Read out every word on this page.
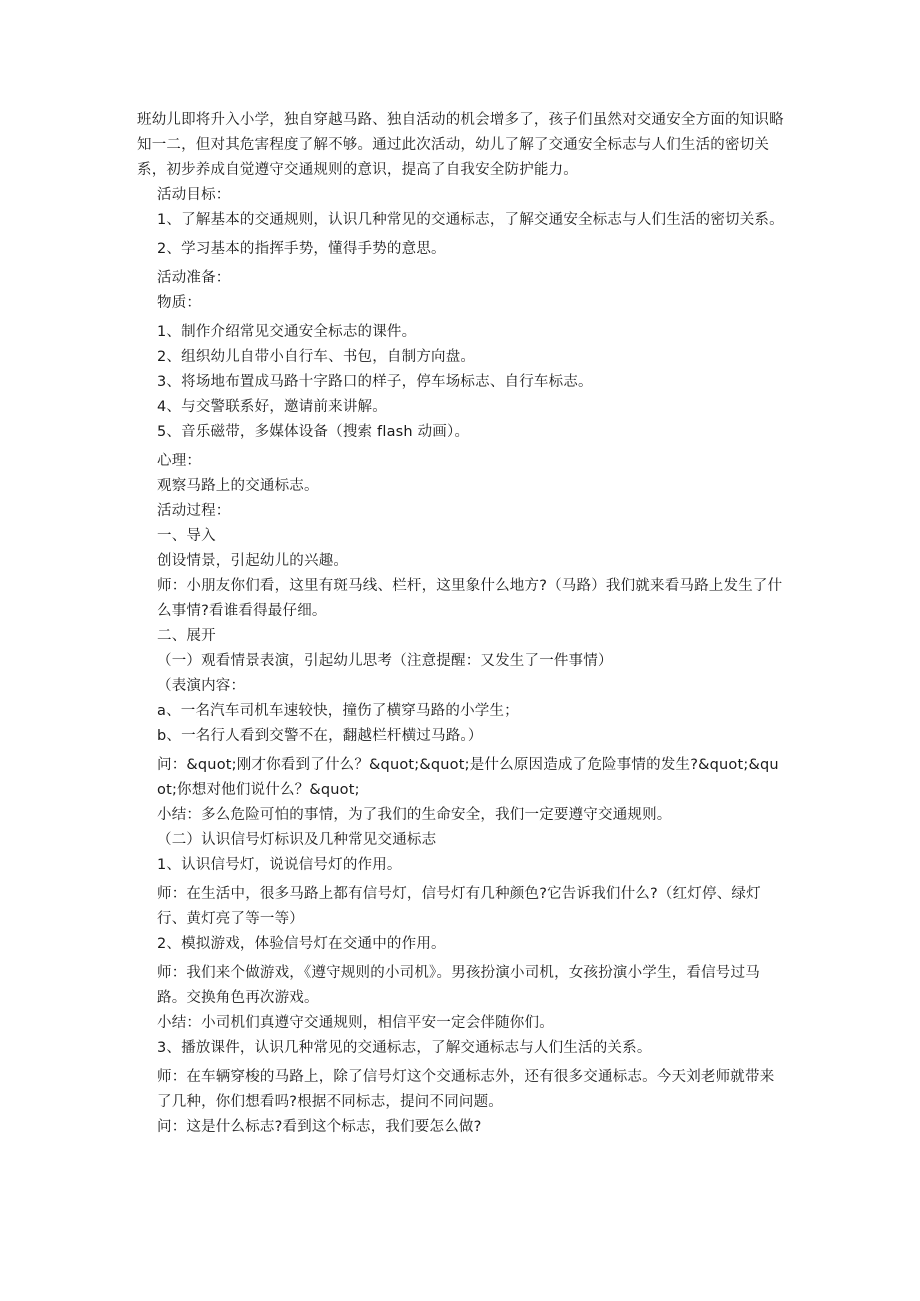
班幼儿即将升入小学，独自穿越马路、独自活动的机会增多了，孩子们虽然对交通安全方面的知识略知一二，但对其危害程度了解不够。通过此次活动，幼儿了解了交通安全标志与人们生活的密切关系，初步养成自觉遵守交通规则的意识，提高了自我安全防护能力。

活动目标：

1、了解基本的交通规则，认识几种常见的交通标志，了解交通安全标志与人们生活的密切关系。

2、学习基本的指挥手势，懂得手势的意思。

活动准备：

物质：

1、制作介绍常见交通安全标志的课件。

2、组织幼儿自带小自行车、书包，自制方向盘。

3、将场地布置成马路十字路口的样子，停车场标志、自行车标志。

4、与交警联系好，邀请前来讲解。

5、音乐磁带，多媒体设备（搜索 flash 动画）。

心理：

观察马路上的交通标志。

活动过程：

一、导入

创设情景，引起幼儿的兴趣。

师：小朋友你们看，这里有斑马线、栏杆，这里象什么地方?（马路）我们就来看马路上发生了什么事情?看谁看得最仔细。

二、展开

（一）观看情景表演，引起幼儿思考（注意提醒：又发生了一件事情）

（表演内容：

a、一名汽车司机车速较快，撞伤了横穿马路的小学生；

b、一名行人看到交警不在，翻越栏杆横过马路。）

问：&quot;刚才你看到了什么？&quot;&quot;是什么原因造成了危险事情的发生?&quot;&quot;你想对他们说什么？&quot;

小结：多么危险可怕的事情，为了我们的生命安全，我们一定要遵守交通规则。

（二）认识信号灯标识及几种常见交通标志

1、认识信号灯，说说信号灯的作用。

师：在生活中，很多马路上都有信号灯，信号灯有几种颜色?它告诉我们什么?（红灯停、绿灯行、黄灯亮了等一等）

2、模拟游戏，体验信号灯在交通中的作用。

师：我们来个做游戏，《遵守规则的小司机》。男孩扮演小司机，女孩扮演小学生，看信号过马路。交换角色再次游戏。

小结：小司机们真遵守交通规则，相信平安一定会伴随你们。

3、播放课件，认识几种常见的交通标志，了解交通标志与人们生活的关系。

师：在车辆穿梭的马路上，除了信号灯这个交通标志外，还有很多交通标志。今天刘老师就带来了几种，你们想看吗?根据不同标志，提问不同问题。

问：这是什么标志?看到这个标志，我们要怎么做?
